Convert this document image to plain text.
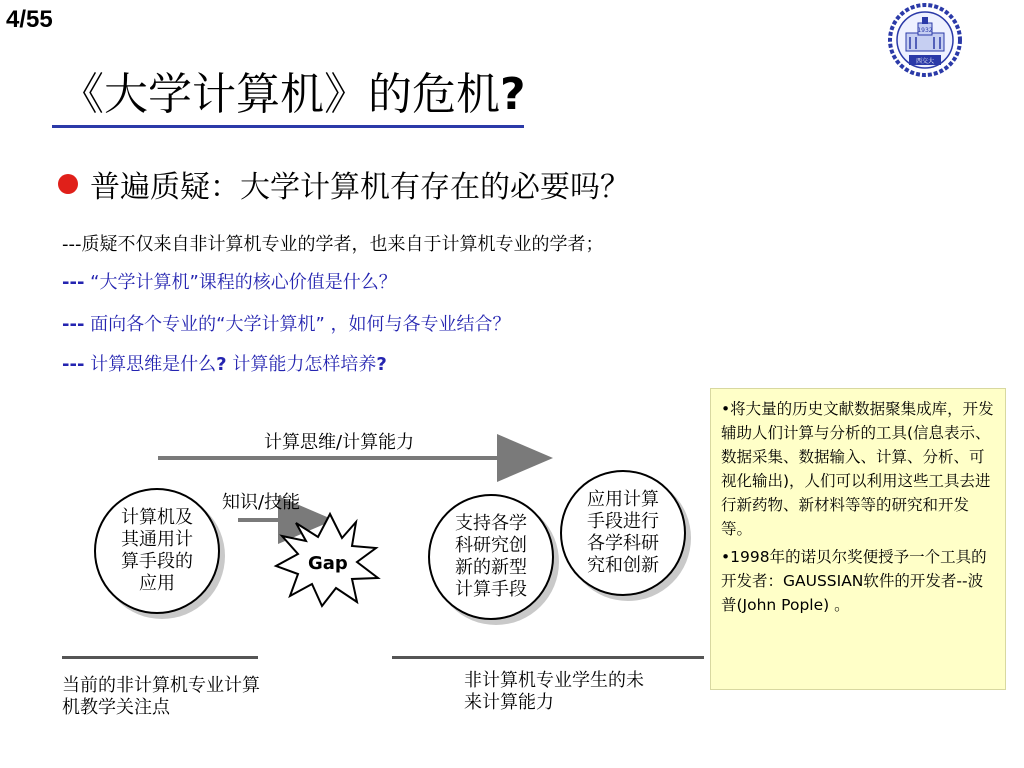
4/55	1932
西交大
《大学计算机》的危机?
普遍质疑：大学计算机有存在的必要吗？
---质疑不仅来自非计算机专业的学者，也来自于计算机专业的学者；
--- “大学计算机”课程的核心价值是什么？
--- 面向各个专业的“大学计算机” ，如何与各专业结合？
--- 计算思维是什么? 计算能力怎样培养?
计算思维/计算能力
知识/技能
Gap
计算机及其通用计算手段的应用
支持各学科研究创新的新型计算手段
应用计算手段进行各学科研究和创新
当前的非计算机专业计算机教学关注点
非计算机专业学生的未来计算能力

•将大量的历史文献数据聚集成库，开发辅助人们计算与分析的工具(信息表示、数据采集、数据输入、计算、分析、可视化输出)，人们可以利用这些工具去进行新药物、新材料等等的研究和开发等。

•1998年的诺贝尔奖便授予一个工具的开发者：GAUSSIAN软件的开发者--波普(John Pople) 。
